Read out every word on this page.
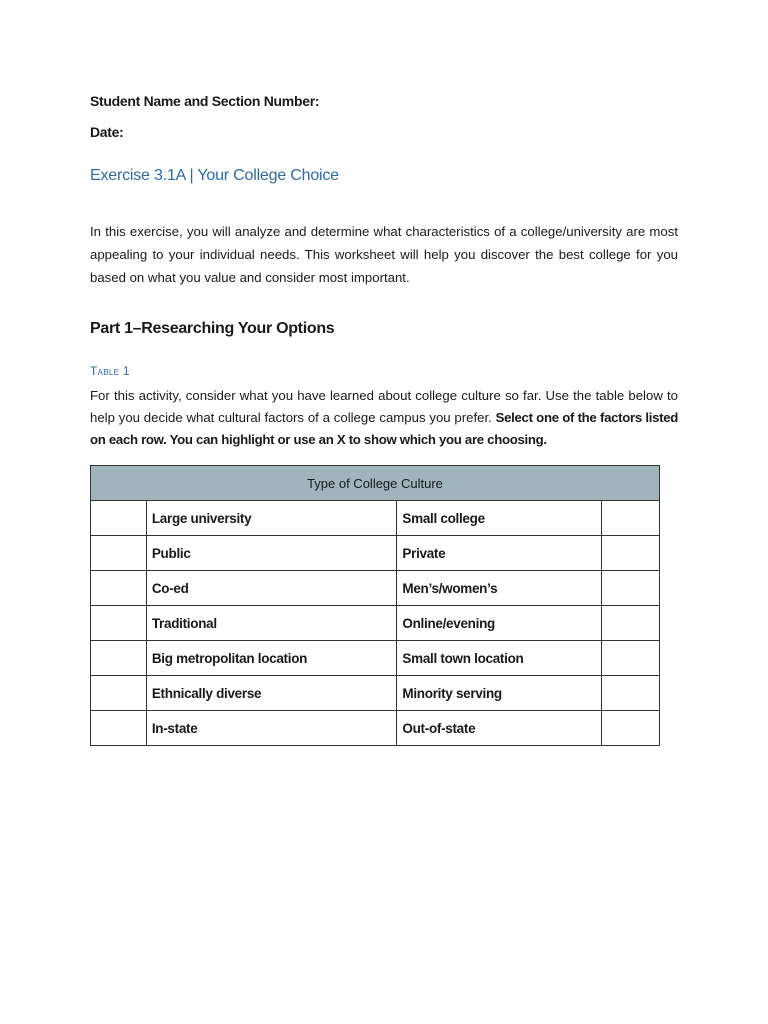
Student Name and Section Number:
Date:
Exercise 3.1A | Your College Choice
In this exercise, you will analyze and determine what characteristics of a college/university are most appealing to your individual needs. This worksheet will help you discover the best college for you based on what you value and consider most important.
Part 1–Researching Your Options
Table 1
For this activity, consider what you have learned about college culture so far. Use the table below to help you decide what cultural factors of a college campus you prefer. Select one of the factors listed on each row. You can highlight or use an X to show which you are choosing.
Type of College Culture			
	Large university	Small college	
	Public	Private	
	Co-ed	Men’s/women’s	
	Traditional	Online/evening	
	Big metropolitan location	Small town location	
	Ethnically diverse	Minority serving	
	In-state	Out-of-state	
